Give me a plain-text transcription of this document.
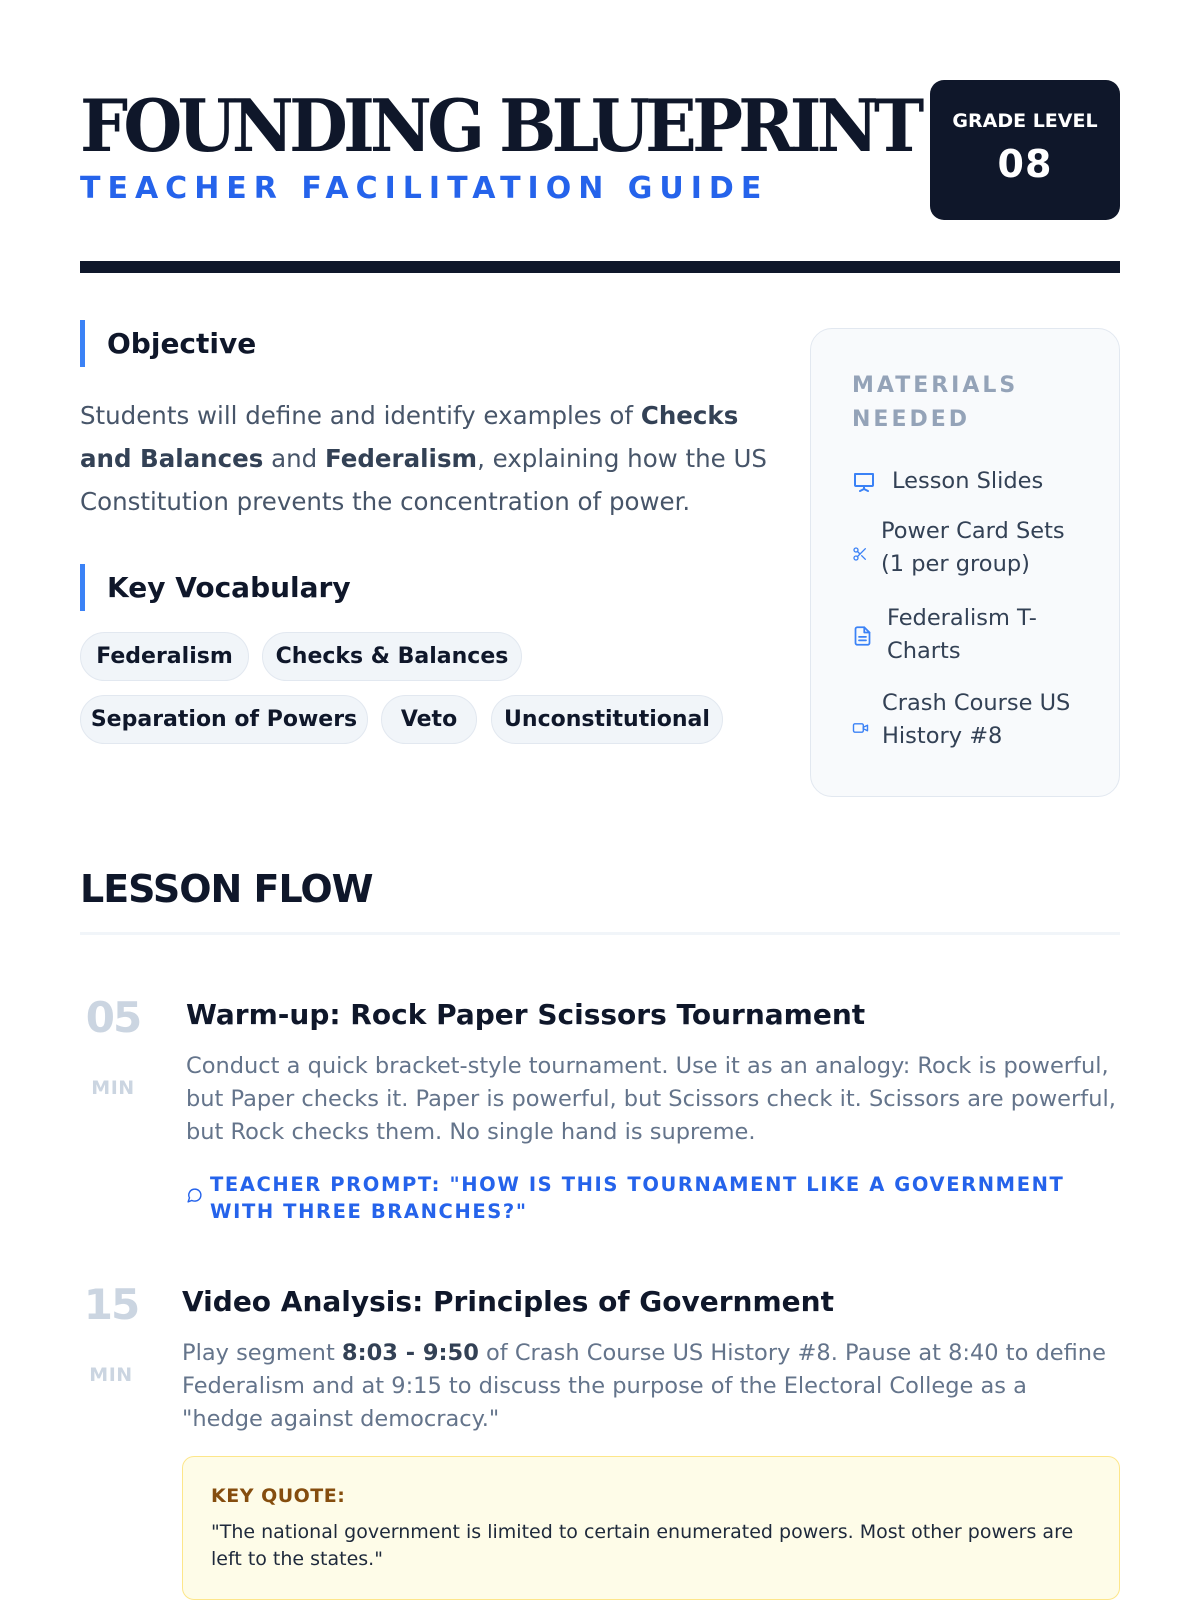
FOUNDING BLUEPRINT
TEACHER FACILITATION GUIDE
GRADE LEVEL
08
Objective
Students will define and identify examples of Checks and Balances and Federalism, explaining how the US Constitution prevents the concentration of power.
Key Vocabulary
Federalism	Checks & Balances
Separation of Powers	Veto	Unconstitutional
MATERIALS NEEDED
Lesson Slides
Power Card Sets (1 per group)
Federalism T-Charts
Crash Course US History #8
LESSON FLOW
05
MIN
Warm-up: Rock Paper Scissors Tournament
Conduct a quick bracket-style tournament. Use it as an analogy: Rock is powerful, but Paper checks it. Paper is powerful, but Scissors check it. Scissors are powerful, but Rock checks them. No single hand is supreme.
TEACHER PROMPT: "HOW IS THIS TOURNAMENT LIKE A GOVERNMENT WITH THREE BRANCHES?"
15
MIN
Video Analysis: Principles of Government
Play segment 8:03 - 9:50 of Crash Course US History #8. Pause at 8:40 to define Federalism and at 9:15 to discuss the purpose of the Electoral College as a "hedge against democracy."
KEY QUOTE:
"The national government is limited to certain enumerated powers. Most other powers are left to the states."
